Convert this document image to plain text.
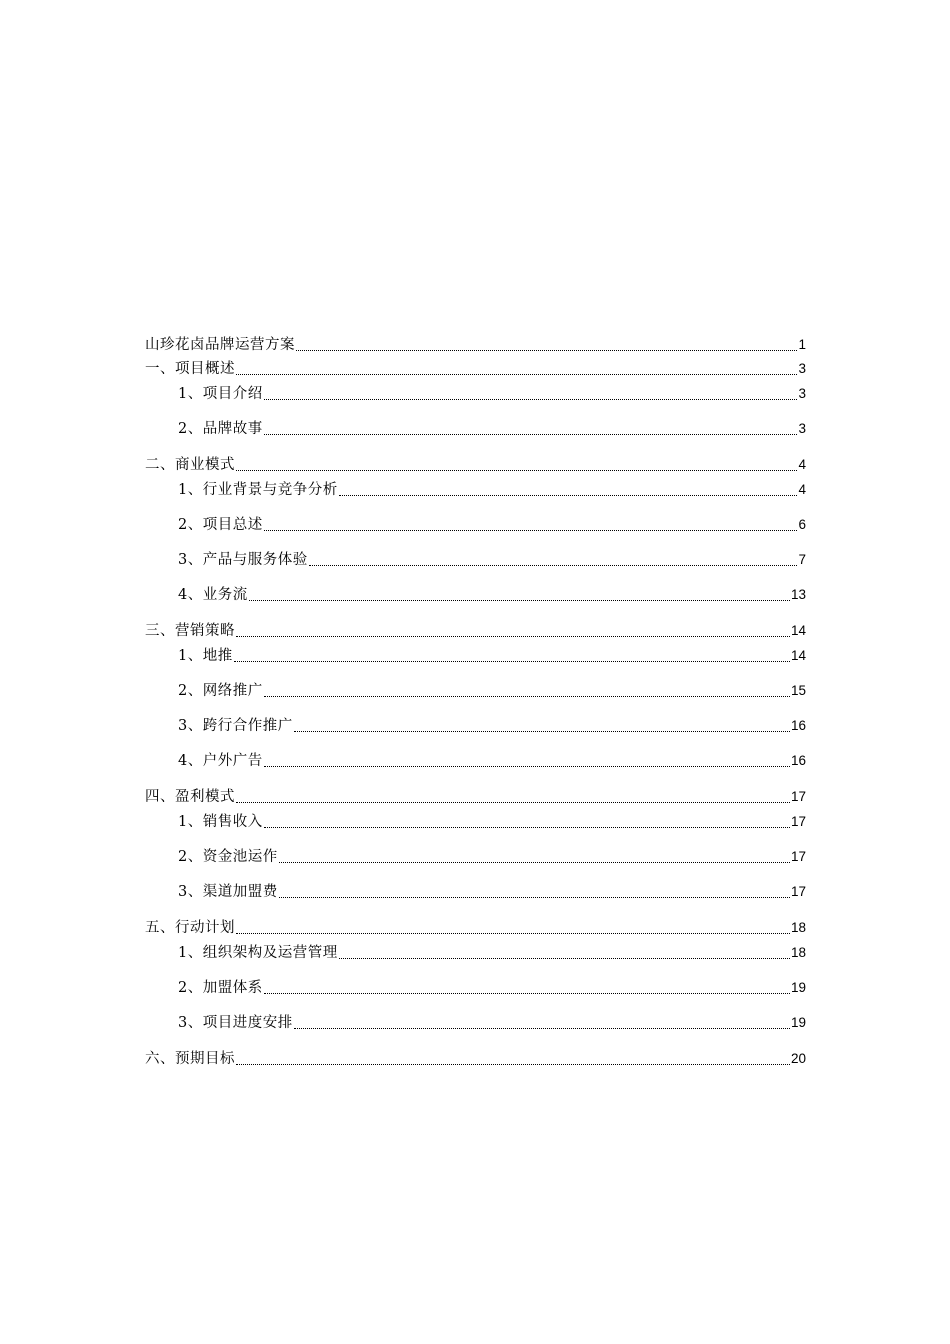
山珍花卤品牌运营方案	1
一、项目概述	3
1、项目介绍	3
2、品牌故事	3
二、商业模式	4
1、行业背景与竞争分析	4
2、项目总述	6
3、产品与服务体验	7
4、业务流	13
三、营销策略	14
1、地推	14
2、网络推广	15
3、跨行合作推广	16
4、户外广告	16
四、盈利模式	17
1、销售收入	17
2、资金池运作	17
3、渠道加盟费	17
五、行动计划	18
1、组织架构及运营管理	18
2、加盟体系	19
3、项目进度安排	19
六、预期目标	20
